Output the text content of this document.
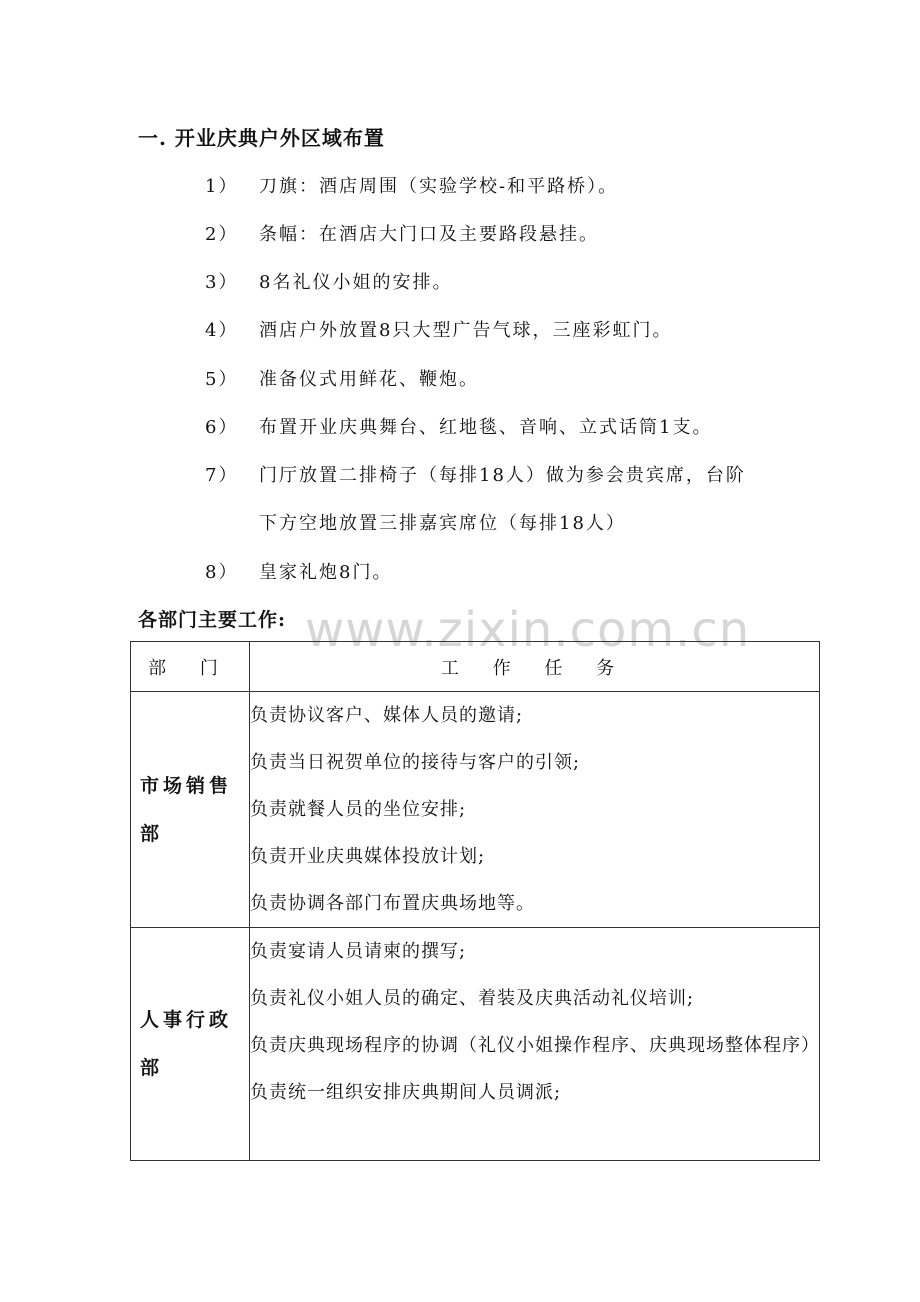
一. 开业庆典户外区域布置
1） 刀旗：酒店周围（实验学校-和平路桥）。
2） 条幅：在酒店大门口及主要路段悬挂。
3） 8名礼仪小姐的安排。
4） 酒店户外放置8只大型广告气球，三座彩虹门。
5） 准备仪式用鲜花、鞭炮。
6） 布置开业庆典舞台、红地毯、音响、立式话筒1支。
7） 门厅放置二排椅子（每排18人）做为参会贵宾席，台阶
下方空地放置三排嘉宾席位（每排18人）
8） 皇家礼炮8门。
各部门主要工作: www.zixin.com.cn
部 门	工 作 任 务
市场销售部	负责协议客户、媒体人员的邀请;
负责当日祝贺单位的接待与客户的引领;
负责就餐人员的坐位安排;
负责开业庆典媒体投放计划;
负责协调各部门布置庆典场地等。

人事行政部	负责宴请人员请柬的撰写;
负责礼仪小姐人员的确定、着装及庆典活动礼仪培训;
负责庆典现场程序的协调（礼仪小姐操作程序、庆典现场整体程序）
负责统一组织安排庆典期间人员调派;
